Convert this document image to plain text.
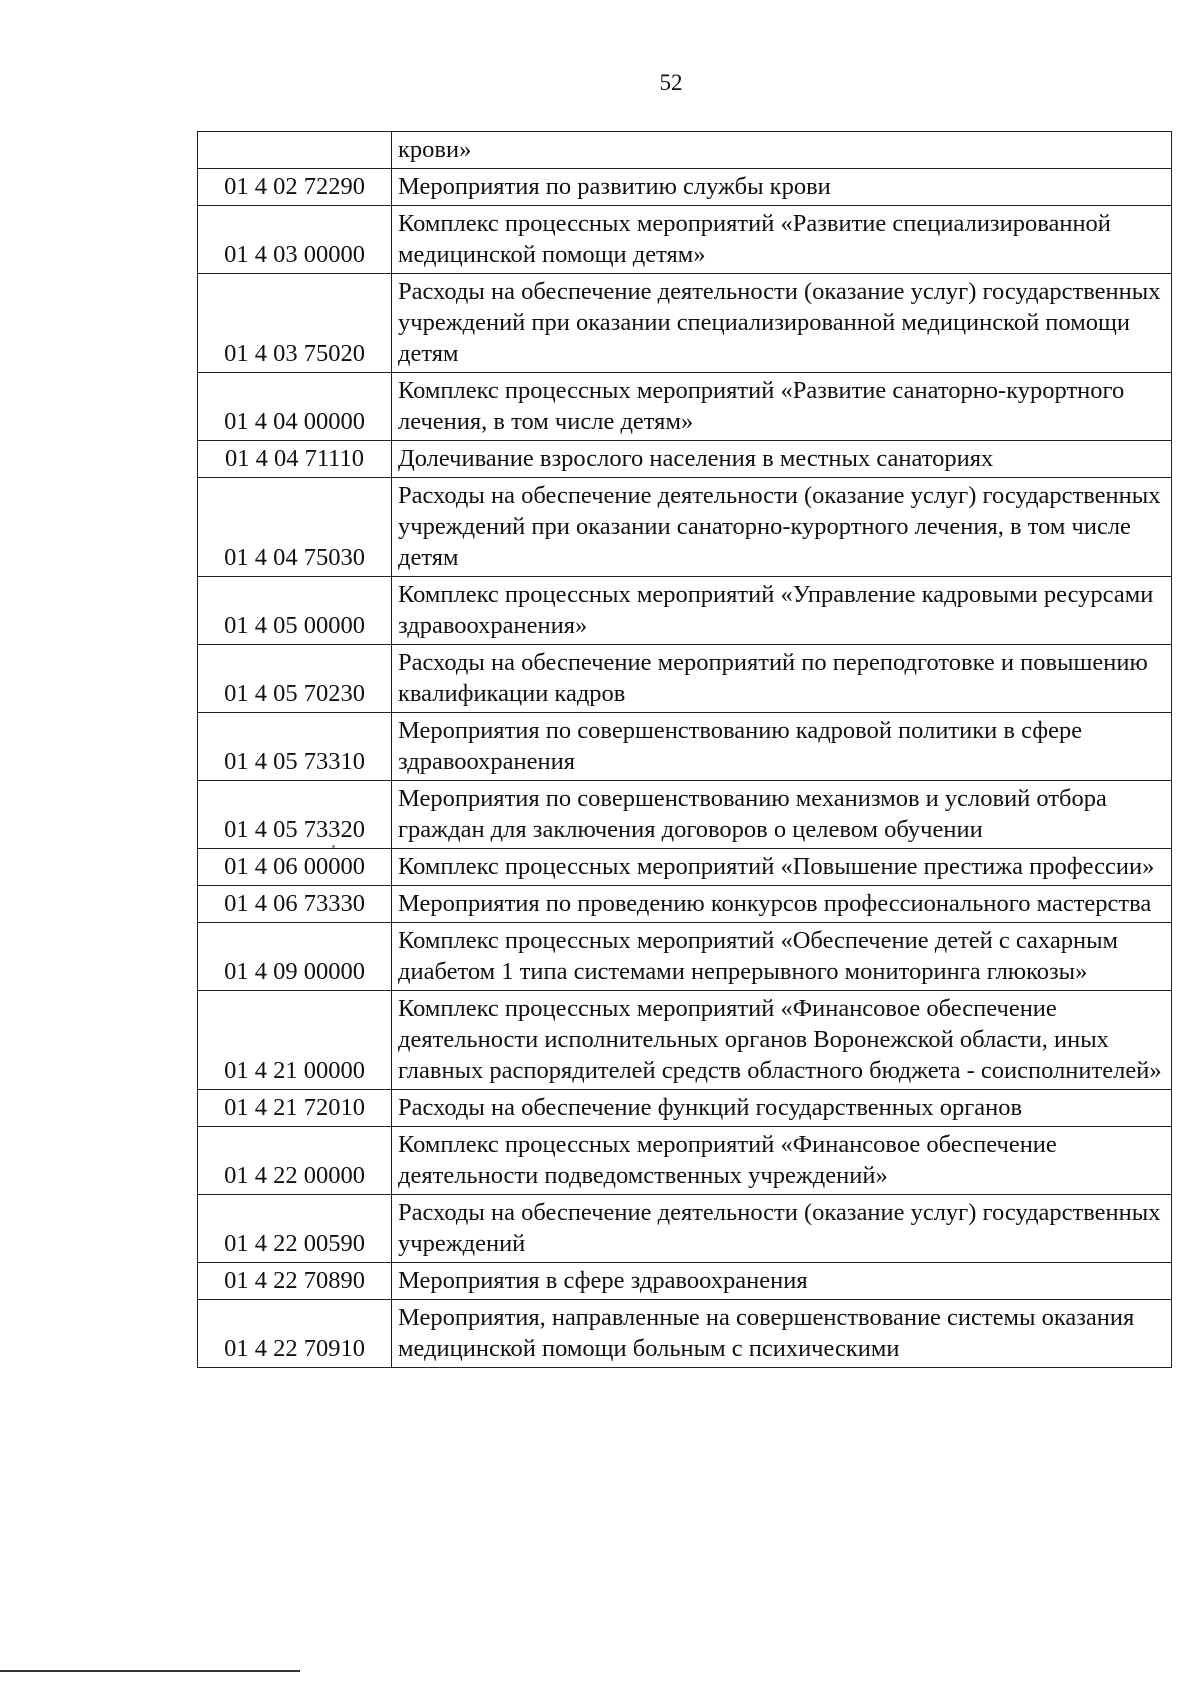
52
	крови»
01 4 02 72290	Мероприятия по развитию службы крови
01 4 03 00000	Комплекс процессных мероприятий «Развитие специализированной медицинской помощи детям»
01 4 03 75020	Расходы на обеспечение деятельности (оказание услуг) государственных учреждений при оказании специализированной медицинской помощи детям
01 4 04 00000	Комплекс процессных мероприятий «Развитие санаторно-курортного лечения, в том числе детям»
01 4 04 71110	Долечивание взрослого населения в местных санаториях
01 4 04 75030	Расходы на обеспечение деятельности (оказание услуг) государственных учреждений при оказании санаторно-курортного лечения, в том числе детям
01 4 05 00000	Комплекс процессных мероприятий «Управление кадровыми ресурсами здравоохранения»
01 4 05 70230	Расходы на обеспечение мероприятий по переподготовке и повышению квалификации кадров
01 4 05 73310	Мероприятия по совершенствованию кадровой политики в сфере здравоохранения
01 4 05 73320	Мероприятия по совершенствованию механизмов и условий отбора граждан для заключения договоров о целевом обучении
01 4 06 00000	Комплекс процессных мероприятий «Повышение престижа профессии»
01 4 06 73330	Мероприятия по проведению конкурсов профессионального мастерства
01 4 09 00000	Комплекс процессных мероприятий «Обеспечение детей с сахарным диабетом 1 типа системами непрерывного мониторинга глюкозы»
01 4 21 00000	Комплекс процессных мероприятий «Финансовое обеспечение деятельности исполнительных органов Воронежской области, иных главных распорядителей средств областного бюджета - соисполнителей»
01 4 21 72010	Расходы на обеспечение функций государственных органов
01 4 22 00000	Комплекс процессных мероприятий «Финансовое обеспечение деятельности подведомственных учреждений»
01 4 22 00590	Расходы на обеспечение деятельности (оказание услуг) государственных учреждений
01 4 22 70890	Мероприятия в сфере здравоохранения
01 4 22 70910	Мероприятия, направленные на совершенствование системы оказания медицинской помощи больным с психическими
